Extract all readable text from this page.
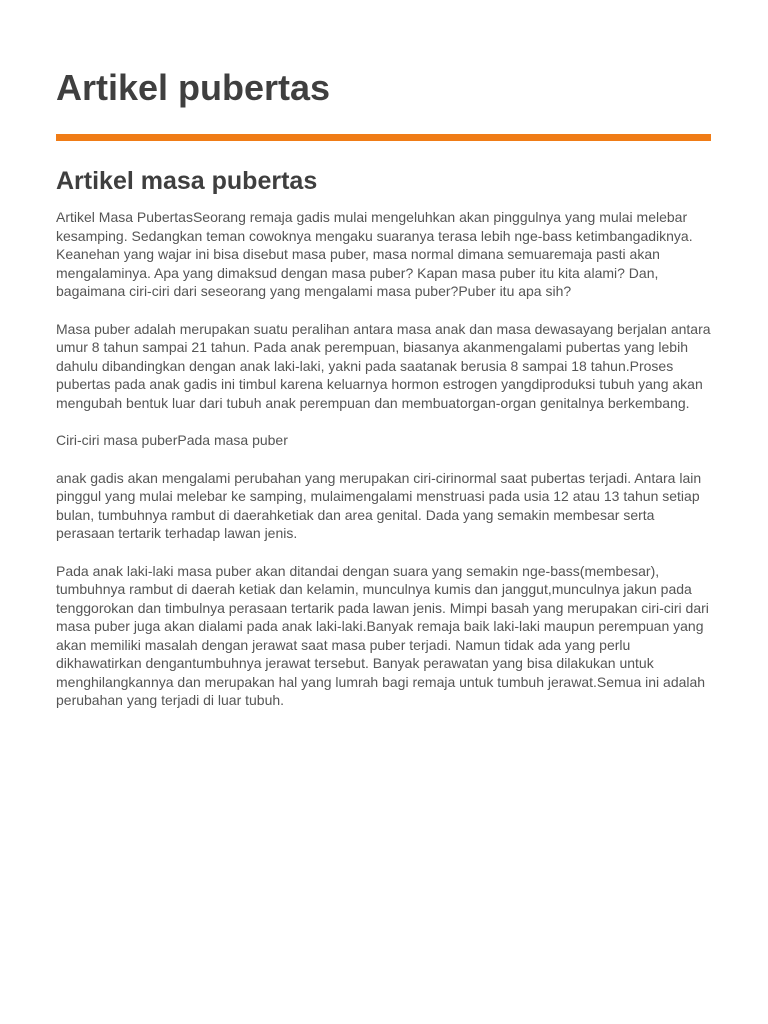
Artikel pubertas
Artikel masa pubertas

Artikel Masa PubertasSeorang remaja gadis mulai mengeluhkan akan pinggulnya yang mulai melebar kesamping. Sedangkan teman cowoknya mengaku suaranya terasa lebih nge-bass ketimbangadiknya. Keanehan yang wajar ini bisa disebut masa puber, masa normal dimana semuaremaja pasti akan mengalaminya. Apa yang dimaksud dengan masa puber? Kapan masa puber itu kita alami? Dan, bagaimana ciri-ciri dari seseorang yang mengalami masa puber?Puber itu apa sih?

Masa puber adalah merupakan suatu peralihan antara masa anak dan masa dewasayang berjalan antara umur 8 tahun sampai 21 tahun. Pada anak perempuan, biasanya akanmengalami pubertas yang lebih dahulu dibandingkan dengan anak laki-laki, yakni pada saatanak berusia 8 sampai 18 tahun.Proses pubertas pada anak gadis ini timbul karena keluarnya hormon estrogen yangdiproduksi tubuh yang akan mengubah bentuk luar dari tubuh anak perempuan dan membuatorgan-organ genitalnya berkembang.

Ciri-ciri masa puberPada masa puber

anak gadis akan mengalami perubahan yang merupakan ciri-cirinormal saat pubertas terjadi. Antara lain pinggul yang mulai melebar ke samping, mulaimengalami menstruasi pada usia 12 atau 13 tahun setiap bulan, tumbuhnya rambut di daerahketiak dan area genital. Dada yang semakin membesar serta perasaan tertarik terhadap lawan jenis.

Pada anak laki-laki masa puber akan ditandai dengan suara yang semakin nge-bass(membesar), tumbuhnya rambut di daerah ketiak dan kelamin, munculnya kumis dan janggut,munculnya jakun pada tenggorokan dan timbulnya perasaan tertarik pada lawan jenis. Mimpi basah yang merupakan ciri-ciri dari masa puber juga akan dialami pada anak laki-laki.Banyak remaja baik laki-laki maupun perempuan yang akan memiliki masalah dengan jerawat saat masa puber terjadi. Namun tidak ada yang perlu dikhawatirkan dengantumbuhnya jerawat tersebut. Banyak perawatan yang bisa dilakukan untuk menghilangkannya dan merupakan hal yang lumrah bagi remaja untuk tumbuh jerawat.Semua ini adalah perubahan yang terjadi di luar tubuh.
